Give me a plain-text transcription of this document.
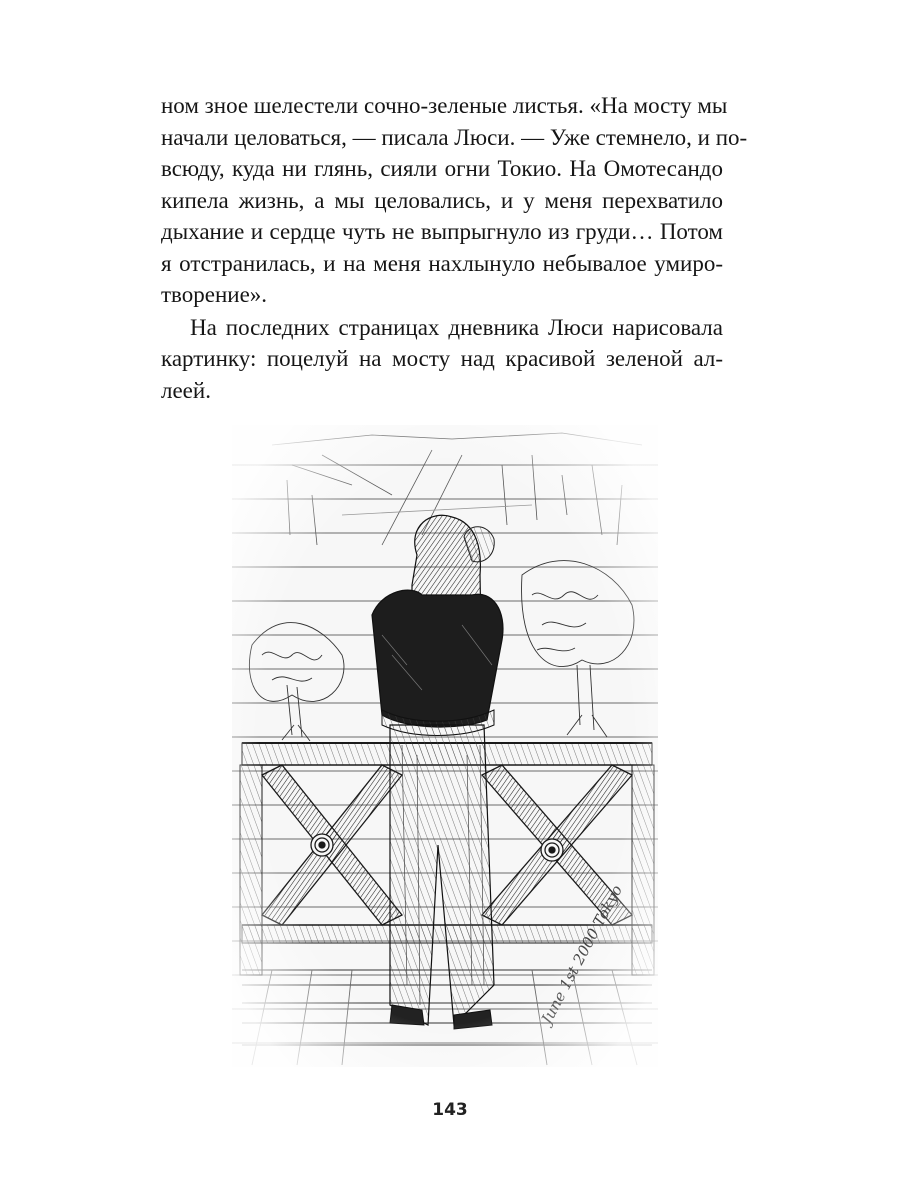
ном зное шелестели сочно-зеленые листья. «На мосту мы
начали целоваться, — писала Люси. — Уже стемнело, и по-
всюду, куда ни глянь, сияли огни Токио. На Омотесандо
кипела жизнь, а мы целовались, и у меня перехватило
дыхание и сердце чуть не выпрыгнуло из груди… Потом
я отстранилась, и на меня нахлынуло небывалое умиро-
творение».
На последних страницах дневника Люси нарисовала
картинку: поцелуй на мосту над красивой зеленой ал-
леей.
143
